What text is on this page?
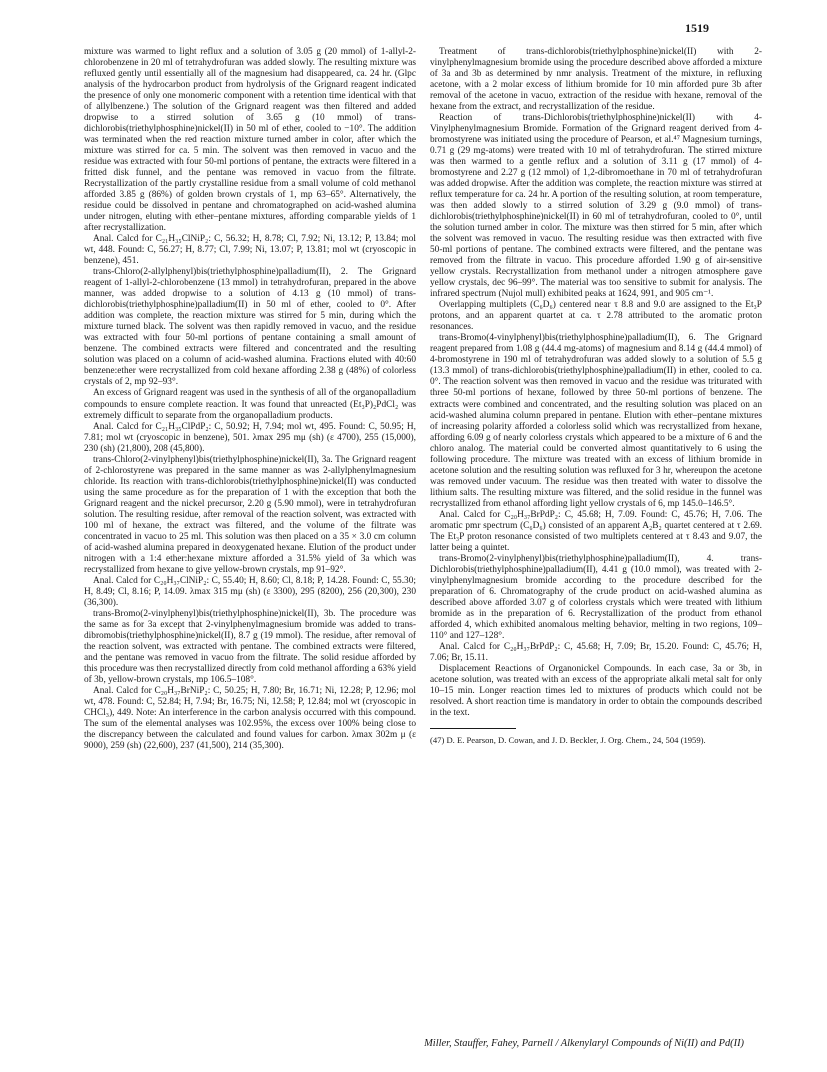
1519

mixture was warmed to light reflux and a solution of 3.05 g (20 mmol) of 1-allyl-2-chlorobenzene in 20 ml of tetrahydrofuran was added slowly. The resulting mixture was refluxed gently until essentially all of the magnesium had disappeared, ca. 24 hr. (Glpc analysis of the hydrocarbon product from hydrolysis of the Grignard reagent indicated the presence of only one monomeric component with a retention time identical with that of allylbenzene.) The solution of the Grignard reagent was then filtered and added dropwise to a stirred solution of 3.65 g (10 mmol) of trans-dichlorobis(triethylphosphine)nickel(II) in 50 ml of ether, cooled to −10°. The addition was terminated when the red reaction mixture turned amber in color, after which the mixture was stirred for ca. 5 min. The solvent was then removed in vacuo and the residue was extracted with four 50-ml portions of pentane, the extracts were filtered in a fritted disk funnel, and the pentane was removed in vacuo from the filtrate. Recrystallization of the partly crystalline residue from a small volume of cold methanol afforded 3.85 g (86%) of golden brown crystals of 1, mp 63–65°. Alternatively, the residue could be dissolved in pentane and chromatographed on acid-washed alumina under nitrogen, eluting with ether–pentane mixtures, affording comparable yields of 1 after recrystallization.

Anal. Calcd for C₂₁H₃₅ClNiP₂: C, 56.32; H, 8.78; Cl, 7.92; Ni, 13.12; P, 13.84; mol wt, 448. Found: C, 56.27; H, 8.77; Cl, 7.99; Ni, 13.07; P, 13.81; mol wt (cryoscopic in benzene), 451.

trans-Chloro(2-allylphenyl)bis(triethylphosphine)palladium(II), 2. The Grignard reagent of 1-allyl-2-chlorobenzene (13 mmol) in tetrahydrofuran, prepared in the above manner, was added dropwise to a solution of 4.13 g (10 mmol) of trans-dichlorobis(triethylphosphine)palladium(II) in 50 ml of ether, cooled to 0°. After addition was complete, the reaction mixture was stirred for 5 min, during which the mixture turned black. The solvent was then rapidly removed in vacuo, and the residue was extracted with four 50-ml portions of pentane containing a small amount of benzene. The combined extracts were filtered and concentrated and the resulting solution was placed on a column of acid-washed alumina. Fractions eluted with 40:60 benzene:ether were recrystallized from cold hexane affording 2.38 g (48%) of colorless crystals of 2, mp 92–93°.

An excess of Grignard reagent was used in the synthesis of all of the organopalladium compounds to ensure complete reaction. It was found that unreacted (Et₃P)₂PdCl₂ was extremely difficult to separate from the organopalladium products.

Anal. Calcd for C₂₁H₃₅ClPdP₂: C, 50.92; H, 7.94; mol wt, 495. Found: C, 50.95; H, 7.81; mol wt (cryoscopic in benzene), 501. λmax 295 mμ (sh) (ε 4700), 255 (15,000), 230 (sh) (21,800), 208 (45,800).

trans-Chloro(2-vinylphenyl)bis(triethylphosphine)nickel(II), 3a. The Grignard reagent of 2-chlorostyrene was prepared in the same manner as was 2-allylphenylmagnesium chloride. Its reaction with trans-dichlorobis(triethylphosphine)nickel(II) was conducted using the same procedure as for the preparation of 1 with the exception that both the Grignard reagent and the nickel precursor, 2.20 g (5.90 mmol), were in tetrahydrofuran solution. The resulting residue, after removal of the reaction solvent, was extracted with 100 ml of hexane, the extract was filtered, and the volume of the filtrate was concentrated in vacuo to 25 ml. This solution was then placed on a 35 × 3.0 cm column of acid-washed alumina prepared in deoxygenated hexane. Elution of the product under nitrogen with a 1:4 ether:hexane mixture afforded a 31.5% yield of 3a which was recrystallized from hexane to give yellow-brown crystals, mp 91–92°.

Anal. Calcd for C₂₀H₃₇ClNiP₂: C, 55.40; H, 8.60; Cl, 8.18; P, 14.28. Found: C, 55.30; H, 8.49; Cl, 8.16; P, 14.09. λmax 315 mμ (sh) (ε 3300), 295 (8200), 256 (20,300), 230 (36,300).

trans-Bromo(2-vinylphenyl)bis(triethylphosphine)nickel(II), 3b. The procedure was the same as for 3a except that 2-vinylphenylmagnesium bromide was added to trans-dibromobis(triethylphosphine)nickel(II), 8.7 g (19 mmol). The residue, after removal of the reaction solvent, was extracted with pentane. The combined extracts were filtered, and the pentane was removed in vacuo from the filtrate. The solid residue afforded by this procedure was then recrystallized directly from cold methanol affording a 63% yield of 3b, yellow-brown crystals, mp 106.5–108°.

Anal. Calcd for C₂₀H₃₇BrNiP₂: C, 50.25; H, 7.80; Br, 16.71; Ni, 12.28; P, 12.96; mol wt, 478. Found: C, 52.84; H, 7.94; Br, 16.75; Ni, 12.58; P, 12.84; mol wt (cryoscopic in CHCl₃), 449. Note: An interference in the carbon analysis occurred with this compound. The sum of the elemental analyses was 102.95%, the excess over 100% being close to the discrepancy between the calculated and found values for carbon. λmax 302m μ (ε 9000), 259 (sh) (22,600), 237 (41,500), 214 (35,300).

Treatment of trans-dichlorobis(triethylphosphine)nickel(II) with 2-vinylphenylmagnesium bromide using the procedure described above afforded a mixture of 3a and 3b as determined by nmr analysis. Treatment of the mixture, in refluxing acetone, with a 2 molar excess of lithium bromide for 10 min afforded pure 3b after removal of the acetone in vacuo, extraction of the residue with hexane, removal of the hexane from the extract, and recrystallization of the residue.

Reaction of trans-Dichlorobis(triethylphosphine)nickel(II) with 4-Vinylphenylmagnesium Bromide. Formation of the Grignard reagent derived from 4-bromostyrene was initiated using the procedure of Pearson, et al.⁴⁷ Magnesium turnings, 0.71 g (29 mg-atoms) were treated with 10 ml of tetrahydrofuran. The stirred mixture was then warmed to a gentle reflux and a solution of 3.11 g (17 mmol) of 4-bromostyrene and 2.27 g (12 mmol) of 1,2-dibromoethane in 70 ml of tetrahydrofuran was added dropwise. After the addition was complete, the reaction mixture was stirred at reflux temperature for ca. 24 hr. A portion of the resulting solution, at room temperature, was then added slowly to a stirred solution of 3.29 g (9.0 mmol) of trans-dichlorobis(triethylphosphine)nickel(II) in 60 ml of tetrahydrofuran, cooled to 0°, until the solution turned amber in color. The mixture was then stirred for 5 min, after which the solvent was removed in vacuo. The resulting residue was then extracted with five 50-ml portions of pentane. The combined extracts were filtered, and the pentane was removed from the filtrate in vacuo. This procedure afforded 1.90 g of air-sensitive yellow crystals. Recrystallization from methanol under a nitrogen atmosphere gave yellow crystals, dec 96–99°. The material was too sensitive to submit for analysis. The infrared spectrum (Nujol mull) exhibited peaks at 1624, 991, and 905 cm⁻¹.

Overlapping multiplets (C₆D₆) centered near τ 8.8 and 9.0 are assigned to the Et₃P protons, and an apparent quartet at ca. τ 2.78 attributed to the aromatic proton resonances.

trans-Bromo(4-vinylphenyl)bis(triethylphosphine)palladium(II), 6. The Grignard reagent prepared from 1.08 g (44.4 mg-atoms) of magnesium and 8.14 g (44.4 mmol) of 4-bromostyrene in 190 ml of tetrahydrofuran was added slowly to a solution of 5.5 g (13.3 mmol) of trans-dichlorobis(triethylphosphine)palladium(II) in ether, cooled to ca. 0°. The reaction solvent was then removed in vacuo and the residue was triturated with three 50-ml portions of hexane, followed by three 50-ml portions of benzene. The extracts were combined and concentrated, and the resulting solution was placed on an acid-washed alumina column prepared in pentane. Elution with ether–pentane mixtures of increasing polarity afforded a colorless solid which was recrystallized from hexane, affording 6.09 g of nearly colorless crystals which appeared to be a mixture of 6 and the chloro analog. The material could be converted almost quantitatively to 6 using the following procedure. The mixture was treated with an excess of lithium bromide in acetone solution and the resulting solution was refluxed for 3 hr, whereupon the acetone was removed under vacuum. The residue was then treated with water to dissolve the lithium salts. The resulting mixture was filtered, and the solid residue in the funnel was recrystallized from ethanol affording light yellow crystals of 6, mp 145.0–146.5°.

Anal. Calcd for C₂₀H₃₇BrPdP₂: C, 45.68; H, 7.09. Found: C, 45.76; H, 7.06. The aromatic pmr spectrum (C₆D₆) consisted of an apparent A₂B₂ quartet centered at τ 2.69. The Et₃P proton resonance consisted of two multiplets centered at τ 8.43 and 9.07, the latter being a quintet.

trans-Bromo(2-vinylphenyl)bis(triethylphosphine)palladium(II), 4. trans-Dichlorobis(triethylphosphine)palladium(II), 4.41 g (10.0 mmol), was treated with 2-vinylphenylmagnesium bromide according to the procedure described for the preparation of 6. Chromatography of the crude product on acid-washed alumina as described above afforded 3.07 g of colorless crystals which were treated with lithium bromide as in the preparation of 6. Recrystallization of the product from ethanol afforded 4, which exhibited anomalous melting behavior, melting in two regions, 109–110° and 127–128°.

Anal. Calcd for C₂₀H₃₇BrPdP₂: C, 45.68; H, 7.09; Br, 15.20. Found: C, 45.76; H, 7.06; Br, 15.11.

Displacement Reactions of Organonickel Compounds. In each case, 3a or 3b, in acetone solution, was treated with an excess of the appropriate alkali metal salt for only 10–15 min. Longer reaction times led to mixtures of products which could not be resolved. A short reaction time is mandatory in order to obtain the compounds described in the text.

(47) D. E. Pearson, D. Cowan, and J. D. Beckler, J. Org. Chem., 24, 504 (1959).

Miller, Stauffer, Fahey, Parnell / Alkenylaryl Compounds of Ni(II) and Pd(II)
